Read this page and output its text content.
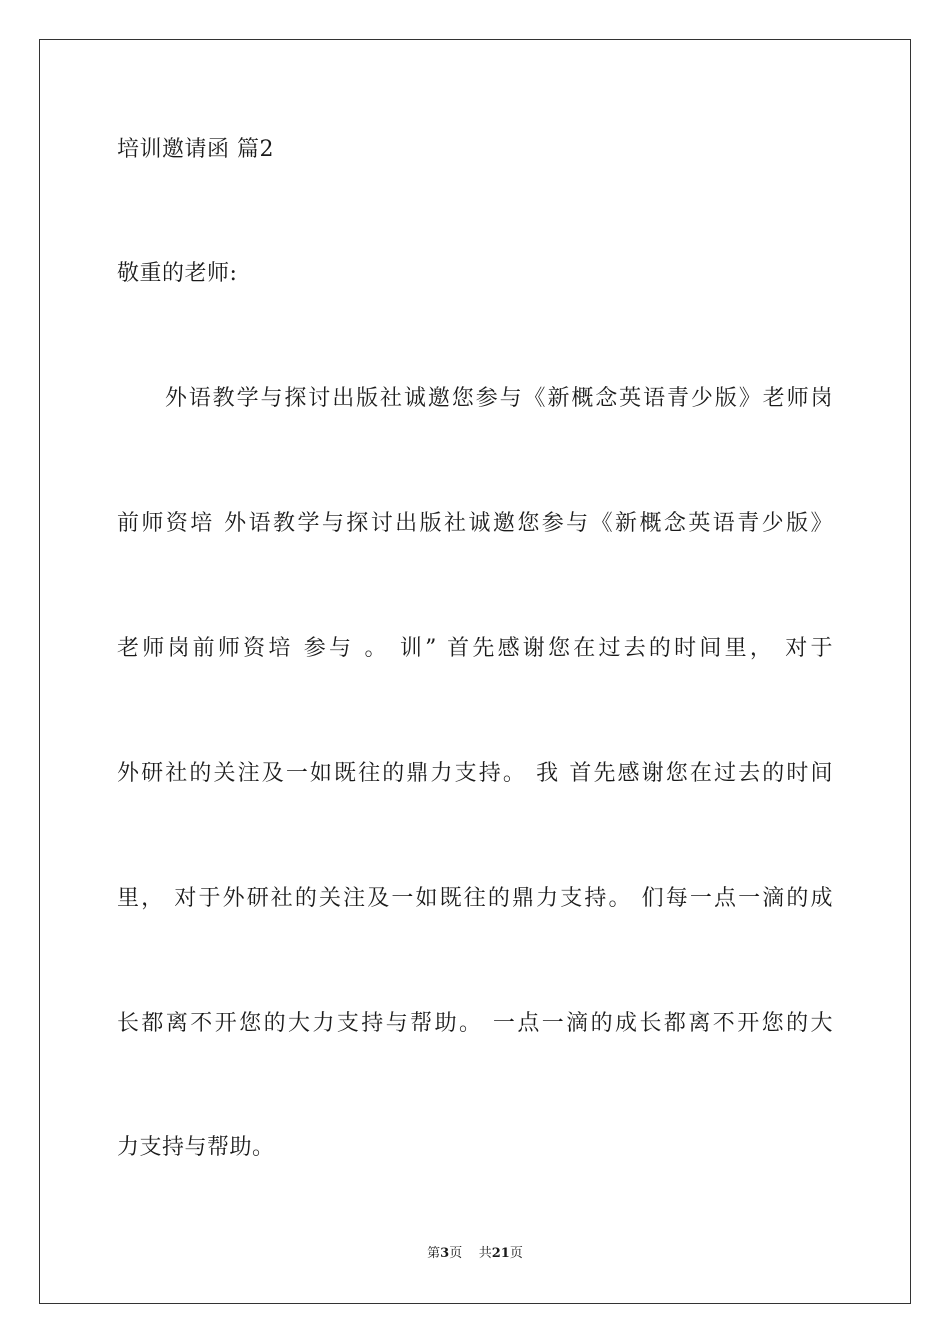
培训邀请函 篇2
敬重的老师:
　　外语教学与探讨出版社诚邀您参与《新概念英语青少版》老师岗
前师资培 外语教学与探讨出版社诚邀您参与《新概念英语青少版》
老师岗前师资培 参与 。 训” 首先感谢您在过去的时间里， 对于
外研社的关注及一如既往的鼎力支持。 我 首先感谢您在过去的时间
里， 对于外研社的关注及一如既往的鼎力支持。 们每一点一滴的成
长都离不开您的大力支持与帮助。 一点一滴的成长都离不开您的大
力支持与帮助。
第3页 共21页
